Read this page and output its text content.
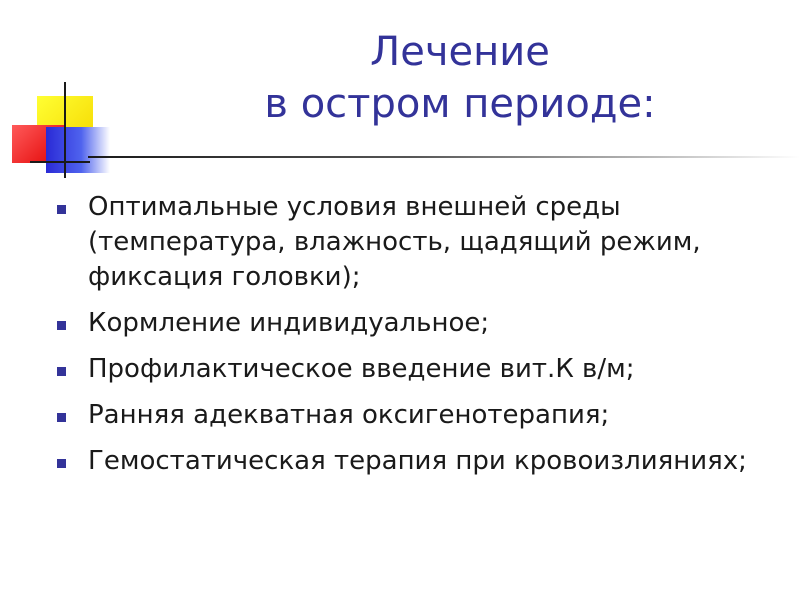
Лечение
в остром периоде:
Оптимальные условия внешней среды (температура, влажность, щадящий режим, фиксация головки);
Кормление индивидуальное;
Профилактическое введение вит.К в/м;
Ранняя адекватная оксигенотерапия;
Гемостатическая терапия при кровоизлияниях;
